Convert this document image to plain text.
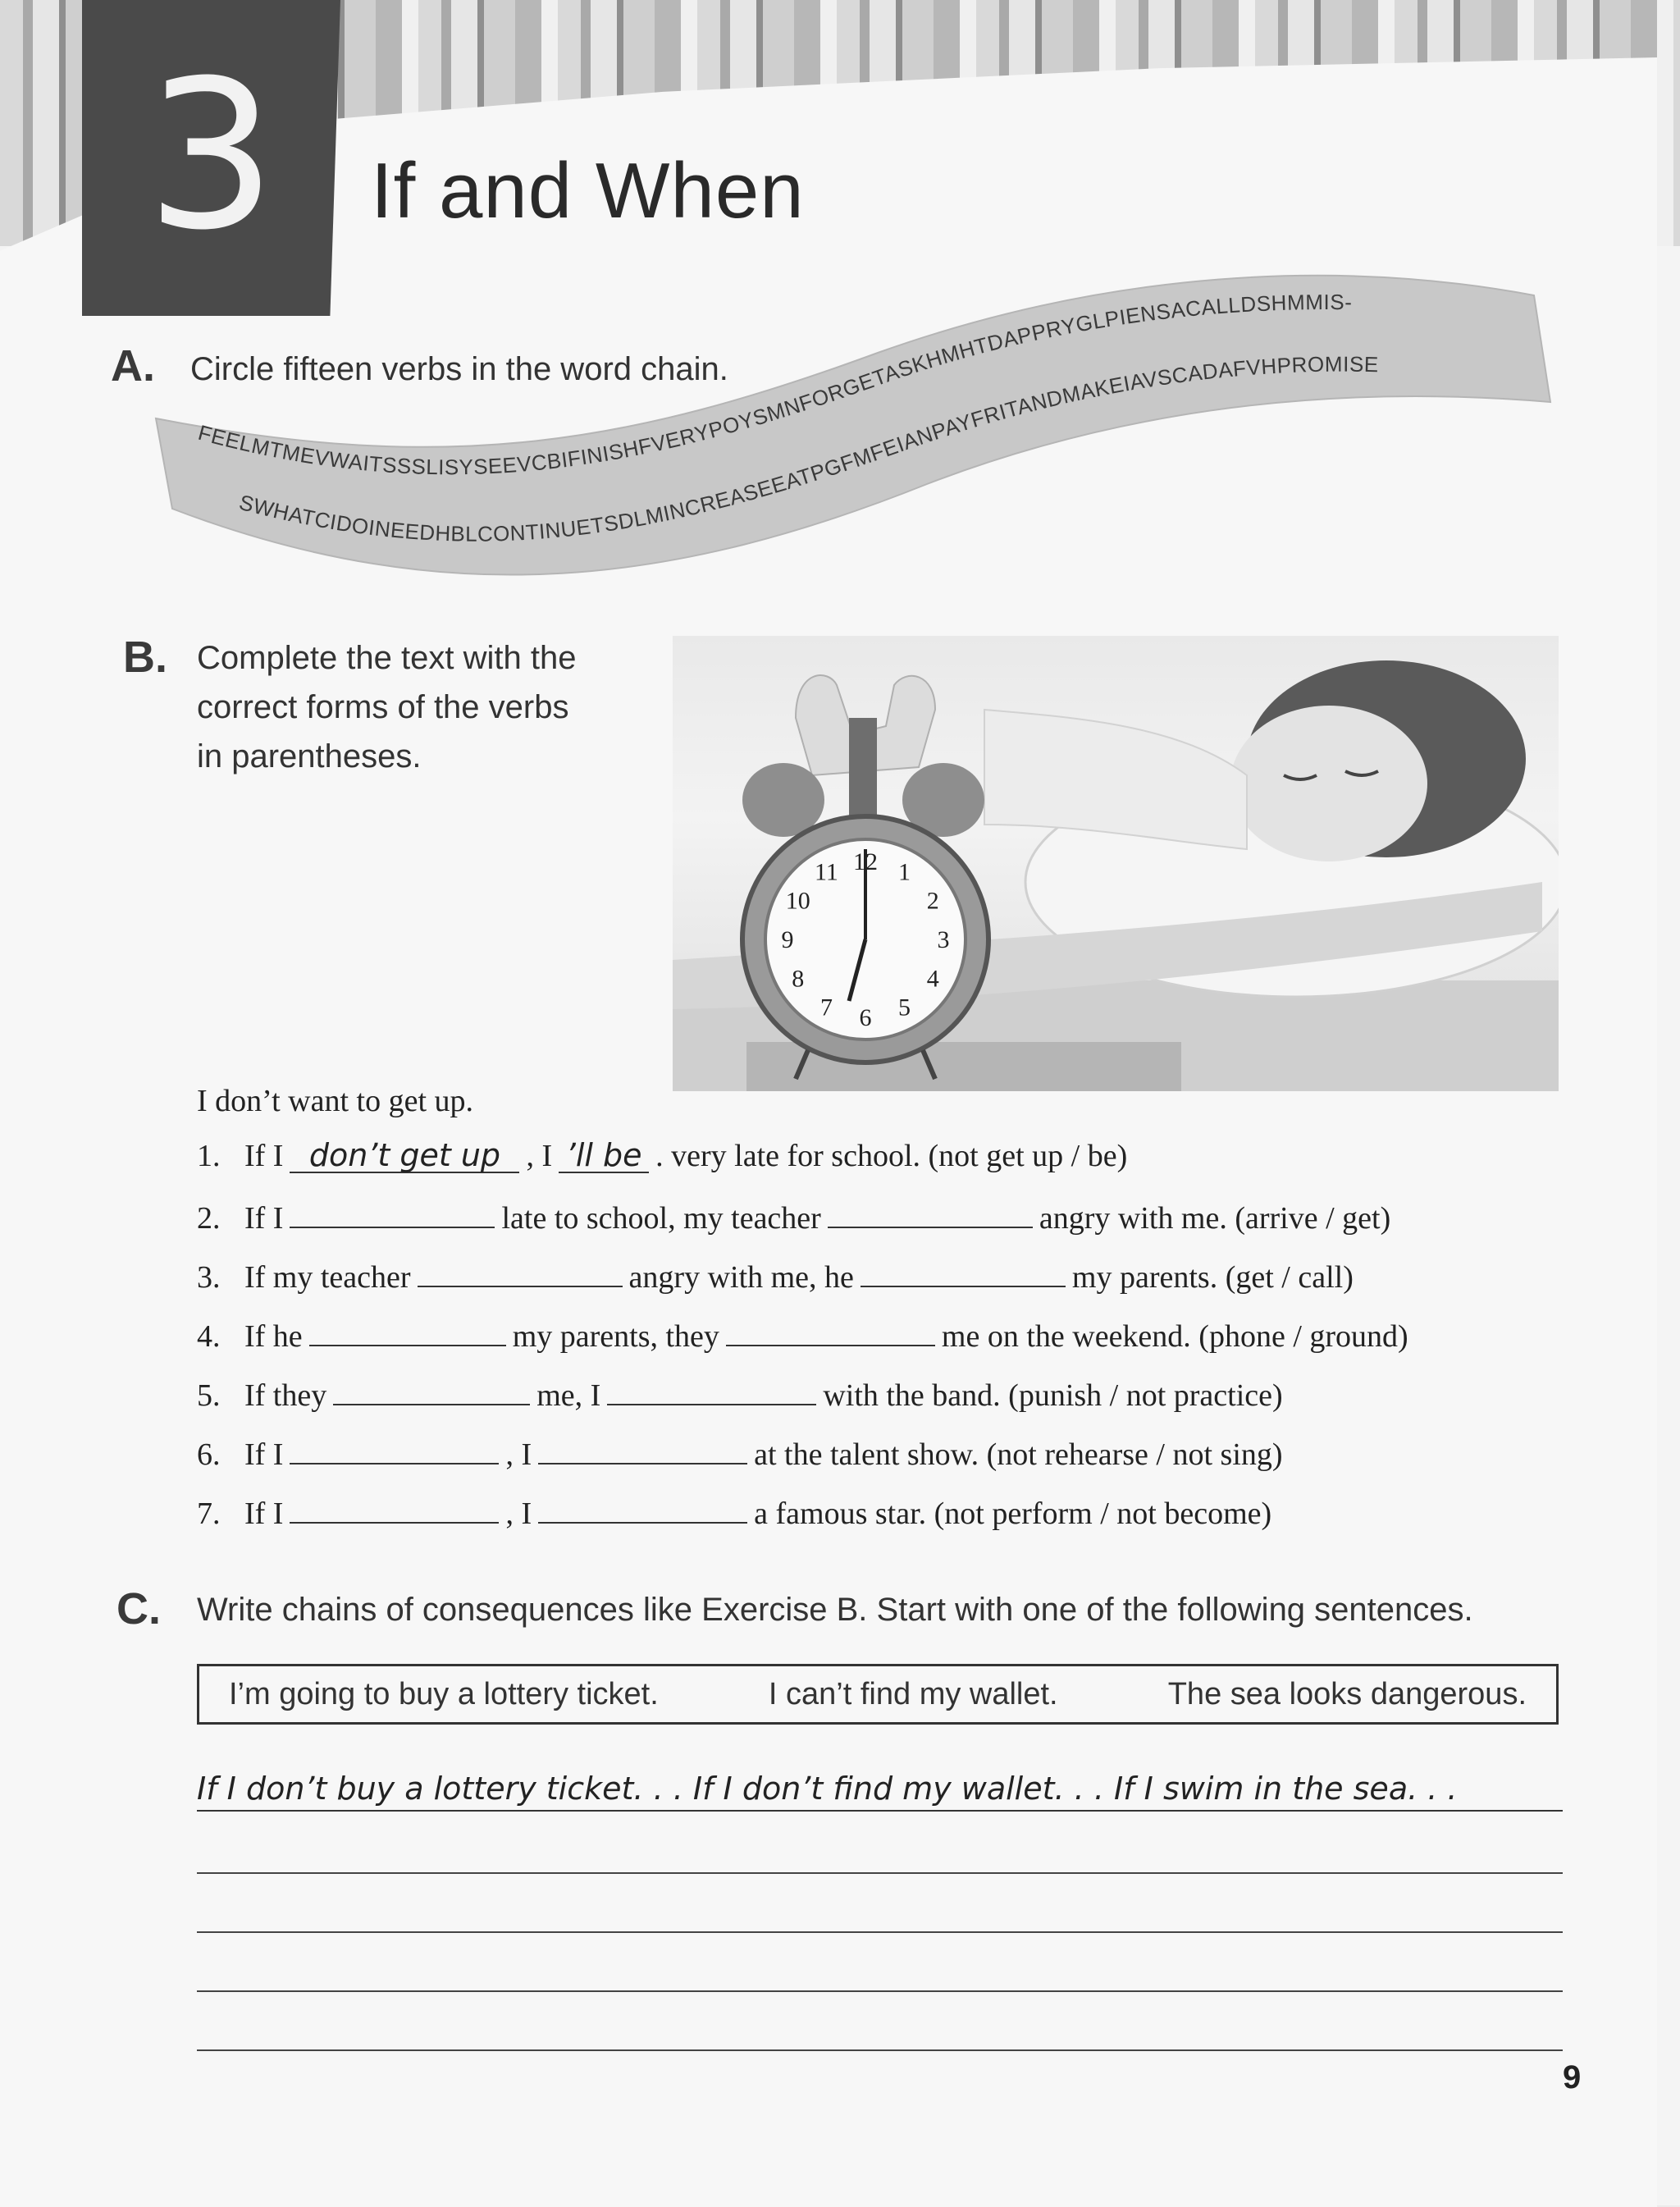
3	If and When
A. Circle fifteen verbs in the word chain.
FEELMTMEVWAITSSSLISYSEEVCBIFINISHFVERYPOYSMNFORGETASKHMHTDAPPRYGLPIENSACALLDSHMMIS-
SWHATCIDOINEEDHBLCONTINUETSDLMINCREASEEATPGFMFEIANPAYFRITANDMAKEIAVSCADAFVHPROMISE
B. Complete the text with the
correct forms of the verbs
in parentheses.
12 1
2
3
4
5
6
7
8
9
10
11
I don’t want to get up.
1. If I don’t get up , I ’ll be . very late for school. (not get up / be)
2. If I	late to school, my teacher	angry with me. (arrive / get)
3. If my teacher	angry with me, he	my parents. (get / call)
4. If he	my parents, they	me on the weekend. (phone / ground)
5. If they	me, I	with the band. (punish / not practice)
6. If I	, I	at the talent show. (not rehearse / not sing)
7. If I	, I	a famous star. (not perform / not become)
C. Write chains of consequences like Exercise B. Start with one of the following sentences.
I’m going to buy a lottery ticket.	I can’t find my wallet.	The sea looks dangerous.
If I don’t buy a lottery ticket. . . If I don’t find my wallet. . . If I swim in the sea. . .
9
